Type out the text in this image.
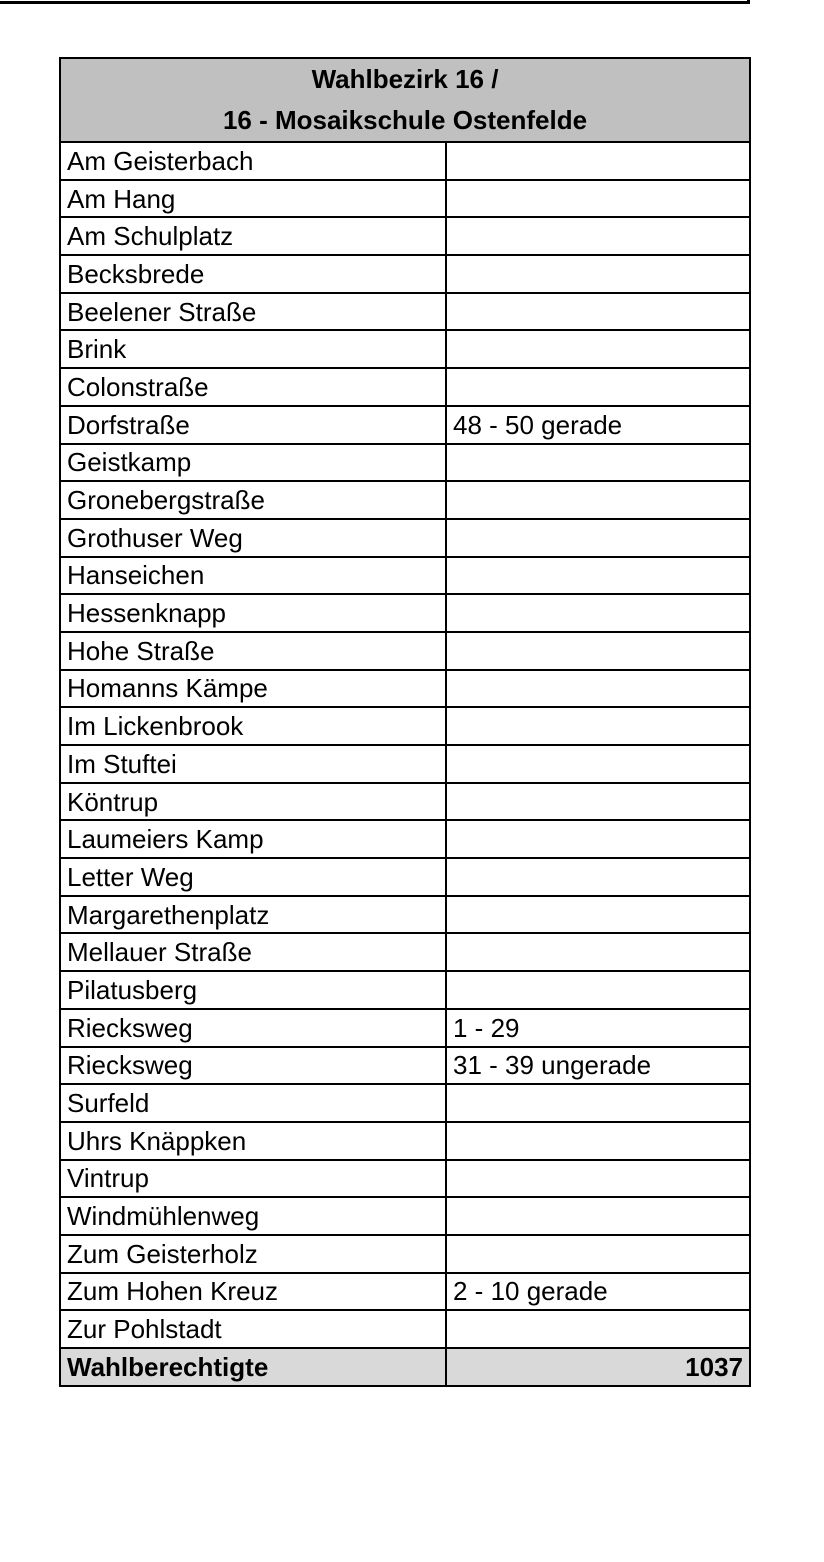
Wahlbezirk 16 /
16 - Mosaikschule Ostenfelde	
Am Geisterbach	
Am Hang	
Am Schulplatz	
Becksbrede	
Beelener Straße	
Brink	
Colonstraße	
Dorfstraße	48 - 50 gerade
Geistkamp	
Gronebergstraße	
Grothuser Weg	
Hanseichen	
Hessenknapp	
Hohe Straße	
Homanns Kämpe	
Im Lickenbrook	
Im Stuftei	
Köntrup	
Laumeiers Kamp	
Letter Weg	
Margarethenplatz	
Mellauer Straße	
Pilatusberg	
Riecksweg	1 - 29
Riecksweg	31 - 39 ungerade
Surfeld	
Uhrs Knäppken	
Vintrup	
Windmühlenweg	
Zum Geisterholz	
Zum Hohen Kreuz	2 - 10 gerade
Zur Pohlstadt	
Wahlberechtigte	1037
